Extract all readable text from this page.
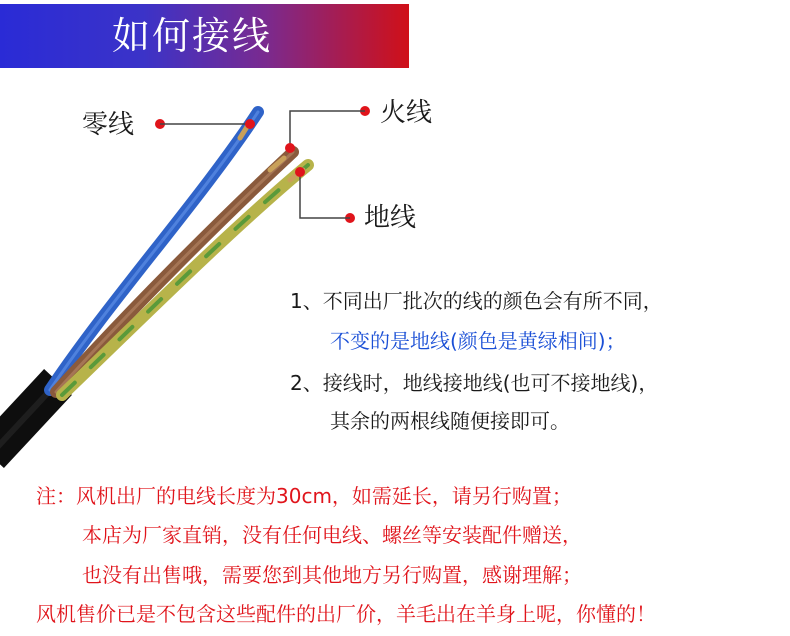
如何接线
零线	火线
地线
1、不同出厂批次的线的颜色会有所不同，
不变的是地线(颜色是黄绿相间)；
2、接线时，地线接地线(也可不接地线)，
其余的两根线随便接即可。
注：风机出厂的电线长度为30cm，如需延长，请另行购置；
本店为厂家直销，没有任何电线、螺丝等安装配件赠送，
也没有出售哦，需要您到其他地方另行购置，感谢理解；
风机售价已是不包含这些配件的出厂价，羊毛出在羊身上呢，你懂的！
